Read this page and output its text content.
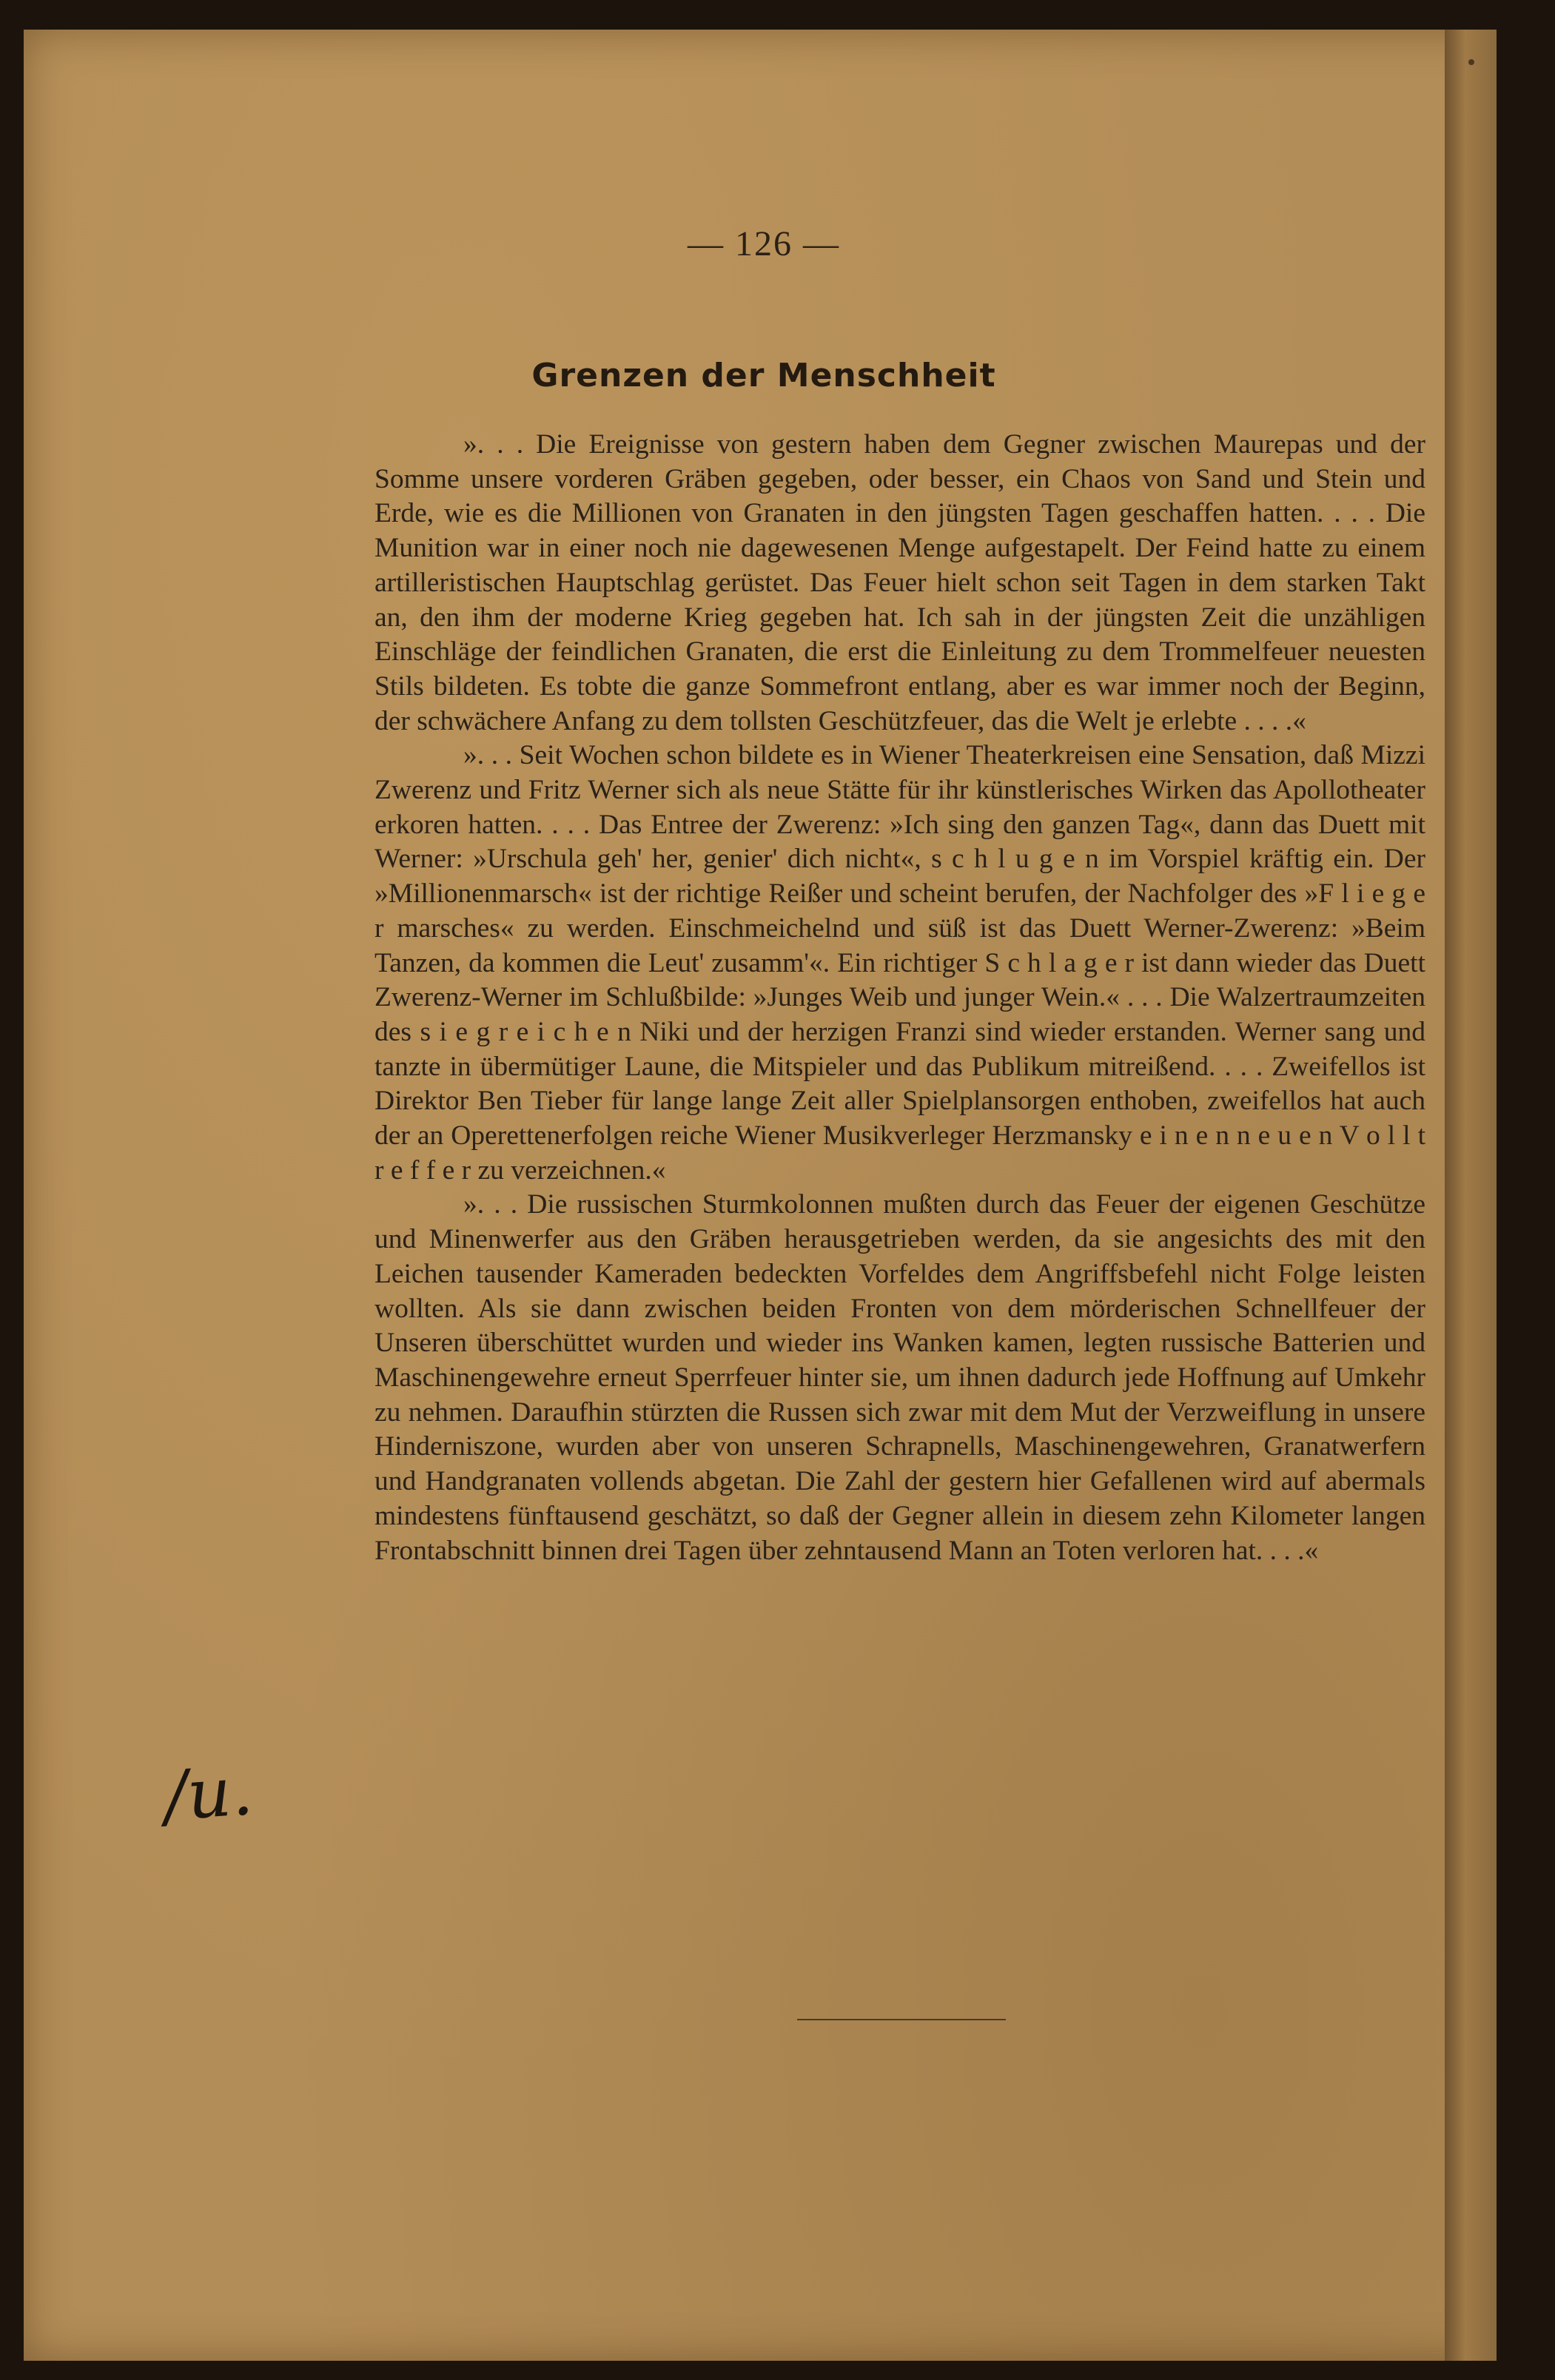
— 126 —
Grenzen der Menschheit

». . . Die Ereignisse von gestern haben dem Gegner zwischen Maurepas und der Somme unsere vorderen Gräben gegeben, oder besser, ein Chaos von Sand und Stein und Erde, wie es die Millionen von Granaten in den jüngsten Tagen geschaffen hatten. . . . Die Munition war in einer noch nie dagewesenen Menge aufgestapelt. Der Feind hatte zu einem artilleristischen Hauptschlag gerüstet. Das Feuer hielt schon seit Tagen in dem starken Takt an, den ihm der moderne Krieg gegeben hat. Ich sah in der jüngsten Zeit die unzähligen Einschläge der feindlichen Granaten, die erst die Einleitung zu dem Trommelfeuer neuesten Stils bildeten. Es tobte die ganze Sommefront entlang, aber es war immer noch der Beginn, der schwächere Anfang zu dem tollsten Geschützfeuer, das die Welt je erlebte . . . .«

». . . Seit Wochen schon bildete es in Wiener Theaterkreisen eine Sensation, daß Mizzi Zwerenz und Fritz Werner sich als neue Stätte für ihr künstlerisches Wirken das Apollotheater erkoren hatten. . . . Das Entree der Zwerenz: »Ich sing den ganzen Tag«, dann das Duett mit Werner: »Urschula geh' her, genier' dich nicht«, s c h l u g e n im Vorspiel kräftig ein. Der »Millionenmarsch« ist der richtige Reißer und scheint berufen, der Nachfolger des »F l i e g e r marsches« zu werden. Einschmeichelnd und süß ist das Duett Werner-Zwerenz: »Beim Tanzen, da kommen die Leut' zusamm'«. Ein richtiger S c h l a g e r ist dann wieder das Duett Zwerenz-Werner im Schlußbilde: »Junges Weib und junger Wein.« . . . Die Walzertraumzeiten des s i e g r e i c h e n Niki und der herzigen Franzi sind wieder erstanden. Werner sang und tanzte in übermütiger Laune, die Mitspieler und das Publikum mitreißend. . . . Zweifellos ist Direktor Ben Tieber für lange lange Zeit aller Spielplansorgen enthoben, zweifellos hat auch der an Operettenerfolgen reiche Wiener Musikverleger Herzmansky e i n e n n e u e n V o l l t r e f f e r zu verzeichnen.«

». . . Die russischen Sturmkolonnen mußten durch das Feuer der eigenen Geschütze und Minenwerfer aus den Gräben herausgetrieben werden, da sie angesichts des mit den Leichen tausender Kameraden bedeckten Vorfeldes dem Angriffsbefehl nicht Folge leisten wollten. Als sie dann zwischen beiden Fronten von dem mörderischen Schnellfeuer der Unseren überschüttet wurden und wieder ins Wanken kamen, legten russische Batterien und Maschinengewehre erneut Sperrfeuer hinter sie, um ihnen dadurch jede Hoffnung auf Umkehr zu nehmen. Daraufhin stürzten die Russen sich zwar mit dem Mut der Verzweiflung in unsere Hinderniszone, wurden aber von unseren Schrapnells, Maschinengewehren, Granatwerfern und Handgranaten vollends abgetan. Die Zahl der gestern hier Gefallenen wird auf abermals mindestens fünftausend geschätzt, so daß der Gegner allein in diesem zehn Kilometer langen Frontabschnitt binnen drei Tagen über zehntausend Mann an Toten verloren hat. . . .«

/u.
